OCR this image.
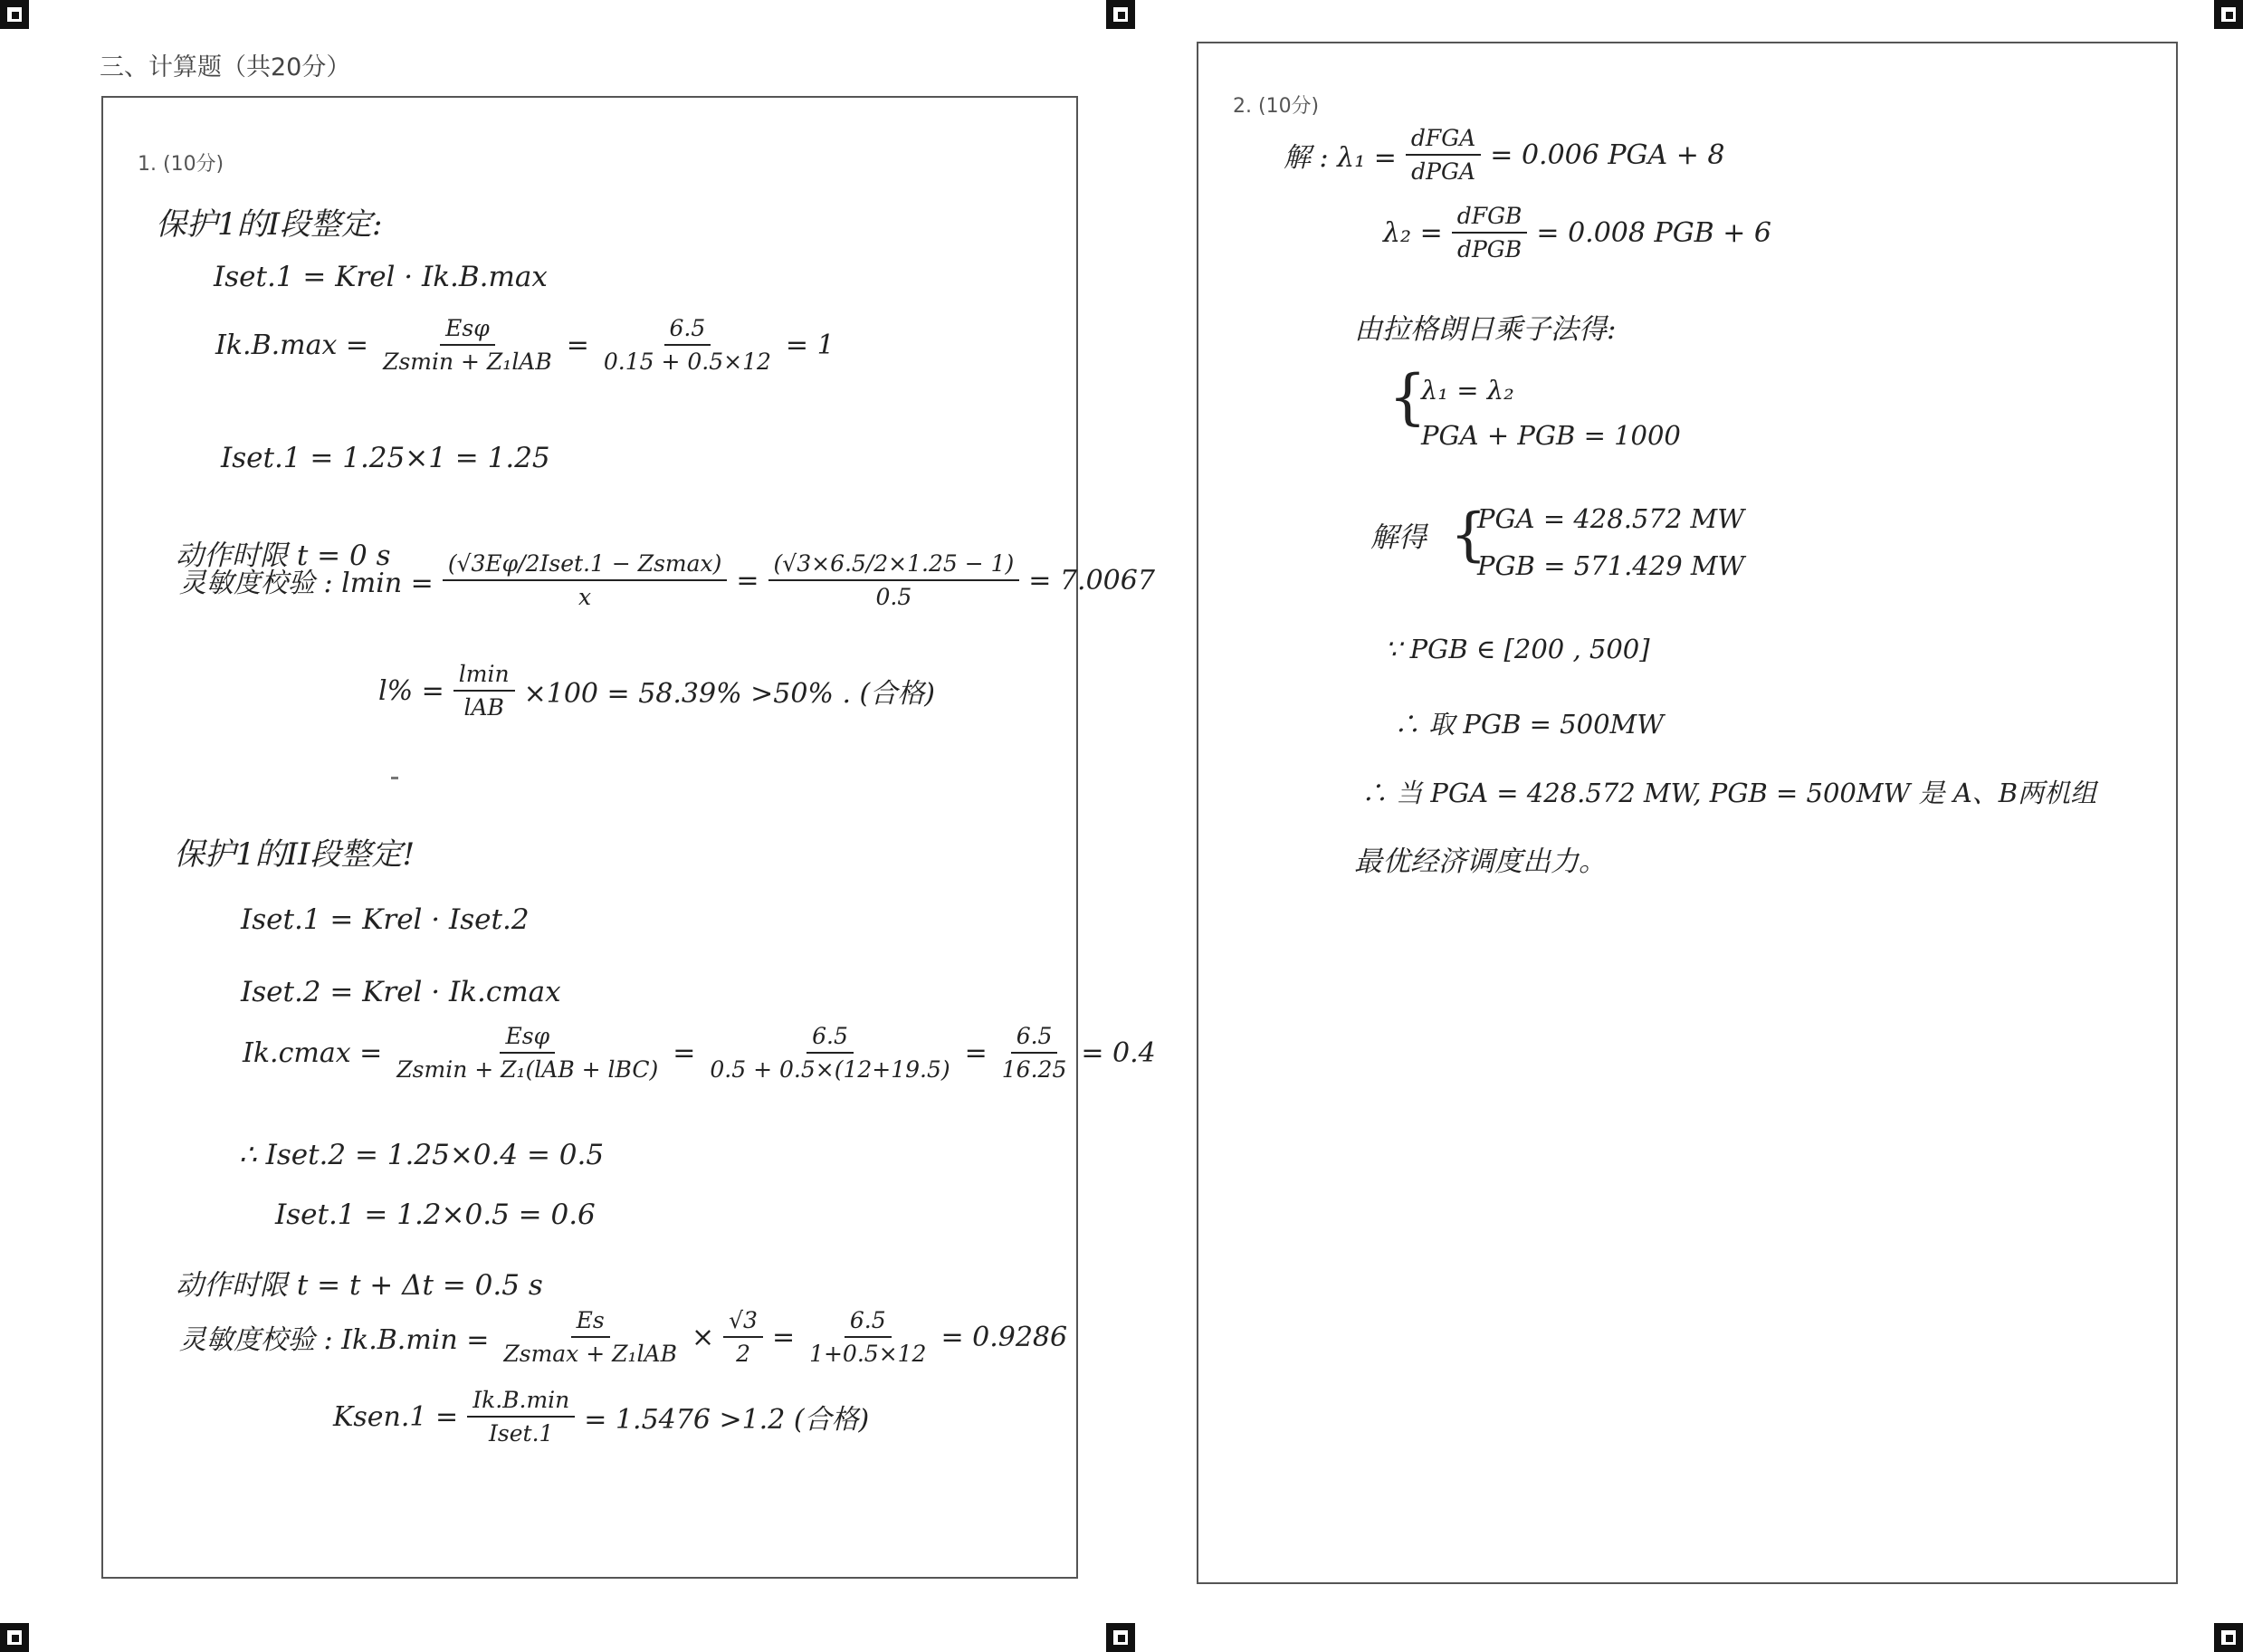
三、计算题（共20分）
1. (10分)
保护1的I段整定:
Iset.1 = Krel · Ik.B.max
Ik.B.max =
Esφ
Zsmin + Z₁lAB
= $\frac{6.5}{0.15 + 0.5\times 12} = 1$
Iset.1 = 1.25×1 = 1.25
动作时限 t = 0 s
灵敏度校验 : lmin =
(√3Eφ/2Iset.1 − Zsmax)
x
= $\frac{(√3\times 6.5/2\times 1.25 - 1)}{0.5} = 7.0067$
l% =
lmin
lAB ×100 = 58.39% >50% . (合格)
保护1的II段整定!
Iset.1 = Krel · Iset.2
Iset.2 = Krel · Ik.cmax
Ik.cmax =
Esφ
Zsmin + Z₁(lAB + lBC)
= $\frac{6.5}{0.5 + 0.5\times(12+19.5)} = \frac{6.5}{16.25} = 0.4$
∴ Iset.2 = 1.25×0.4 = 0.5
Iset.1 = 1.2×0.5 = 0.6
动作时限 t = t + Δt = 0.5 s
灵敏度校验 : Ik.B.min =
Es
Zsmax + Z₁lAB
× $\frac{√3}{2} = \frac{6.5}{1+0.5\times 12} = 0.9286$
Ksen.1 =
Ik.B.min
Iset.1 = 1.5476 >1.2 (合格)
2. (10分)
解 : λ₁ =
dFGA
dPGA
= 0.006 PGA + 8
λ₂ =
dFGB
dPGB
= 0.008 PGB + 6
由拉格朗日乘子法得:
{
λ₁ = λ₂
PGA + PGB = 1000
解得 {
PGA = 428.572 MW
PGB = 571.429 MW
∵ PGB ∈ [200 , 500]
∴ 取 PGB = 500MW
∴ 当 PGA = 428.572 MW, PGB = 500MW 是 A、B两机组
最优经济调度出力。
